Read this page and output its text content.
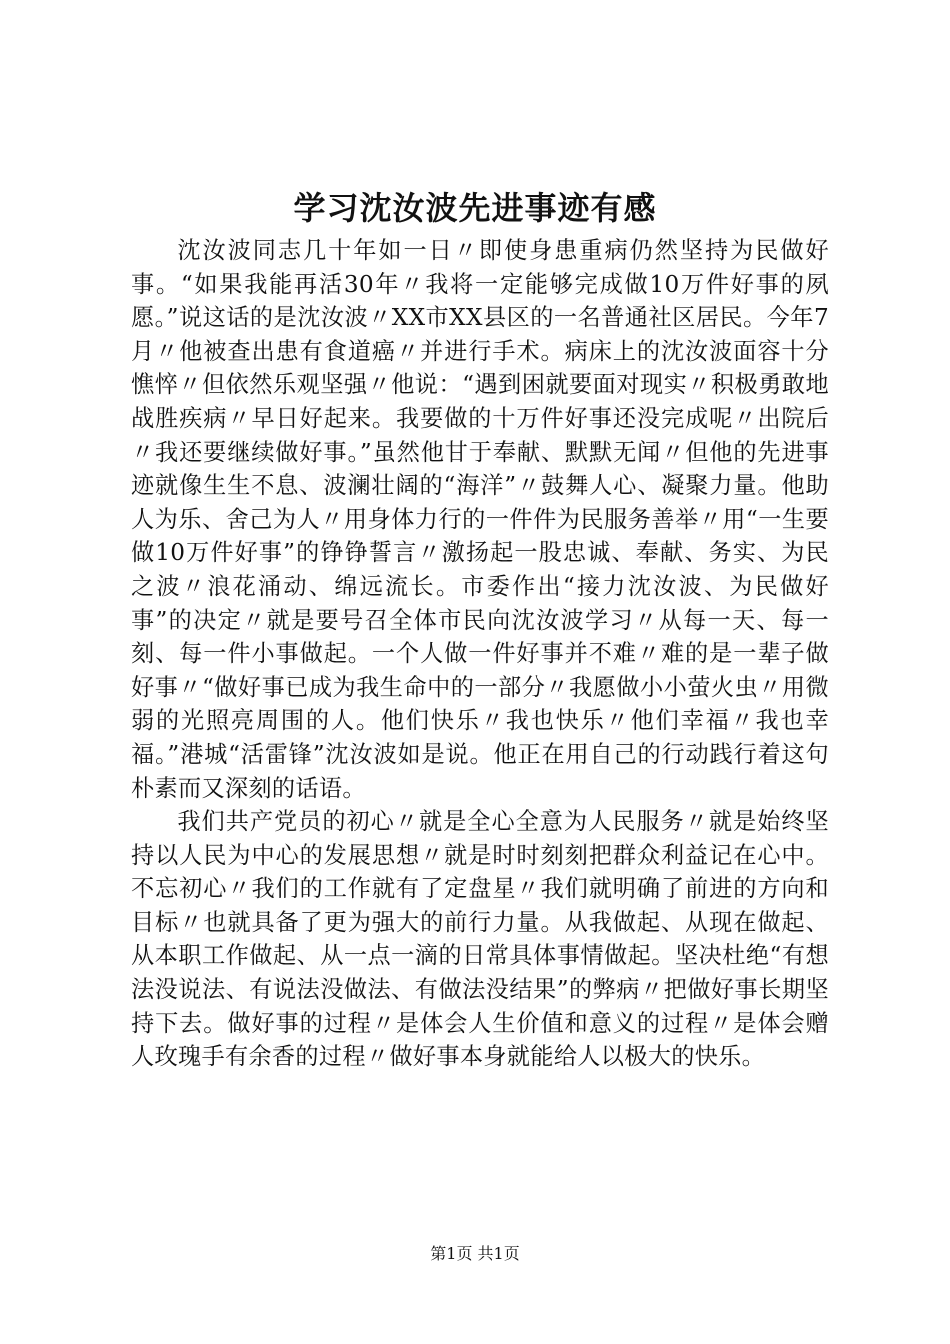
学习沈汝波先进事迹有感

沈汝波同志几十年如一日〃即使身患重病仍然坚持为民做好事。“如果我能再活30年〃我将一定能够完成做10万件好事的夙愿。”说这话的是沈汝波〃XX市XX县区的一名普通社区居民。今年7月〃他被查出患有食道癌〃并进行手术。病床上的沈汝波面容十分憔悴〃但依然乐观坚强〃他说：“遇到困就要面对现实〃积极勇敢地战胜疾病〃早日好起来。我要做的十万件好事还没完成呢〃出院后〃我还要继续做好事。”虽然他甘于奉献、默默无闻〃但他的先进事迹就像生生不息、波澜壮阔的“海洋”〃鼓舞人心、凝聚力量。他助人为乐、舍己为人〃用身体力行的一件件为民服务善举〃用“一生要做10万件好事”的铮铮誓言〃激扬起一股忠诚、奉献、务实、为民之波〃浪花涌动、绵远流长。市委作出“接力沈汝波、为民做好事”的决定〃就是要号召全体市民向沈汝波学习〃从每一天、每一刻、每一件小事做起。一个人做一件好事并不难〃难的是一辈子做好事〃“做好事已成为我生命中的一部分〃我愿做小小萤火虫〃用微弱的光照亮周围的人。他们快乐〃我也快乐〃他们幸福〃我也幸福。”港城“活雷锋”沈汝波如是说。他正在用自己的行动践行着这句朴素而又深刻的话语。

我们共产党员的初心〃就是全心全意为人民服务〃就是始终坚持以人民为中心的发展思想〃就是时时刻刻把群众利益记在心中。不忘初心〃我们的工作就有了定盘星〃我们就明确了前进的方向和目标〃也就具备了更为强大的前行力量。从我做起、从现在做起、从本职工作做起、从一点一滴的日常具体事情做起。坚决杜绝“有想法没说法、有说法没做法、有做法没结果”的弊病〃把做好事长期坚持下去。做好事的过程〃是体会人生价值和意义的过程〃是体会赠人玫瑰手有余香的过程〃做好事本身就能给人以极大的快乐。

第1页 共1页
